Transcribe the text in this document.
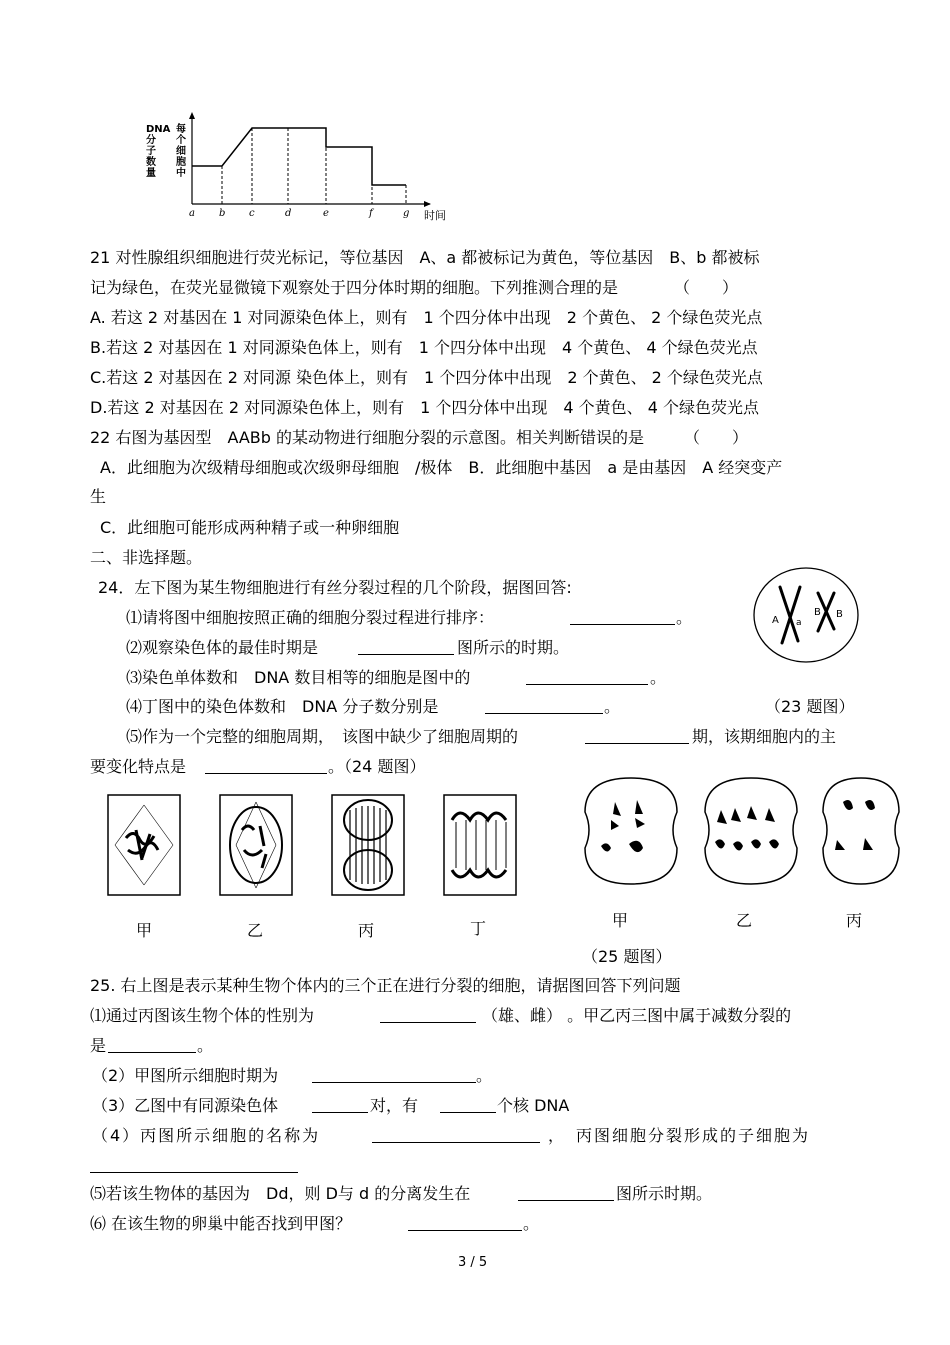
a b c	d	e	f	g
DNA
分
子
数
量
每
个
细
胞
中
时间
21 对性腺组织细胞进行荧光标记，等位基因　A、a 都被标记为黄色，等位基因　B、b 都被标
记为绿色，在荧光显微镜下观察处于四分体时期的细胞。下列推测合理的是　　　　（　　）
A. 若这 2 对基因在 1 对同源染色体上，则有　1 个四分体中出现　2 个黄色、 2 个绿色荧光点
B.若这 2 对基因在 1 对同源染色体上，则有　1 个四分体中出现　4 个黄色、 4 个绿色荧光点
C.若这 2 对基因在 2 对同源 染色体上，则有　1 个四分体中出现　2 个黄色、 2 个绿色荧光点
D.若这 2 对基因在 2 对同源染色体上，则有　1 个四分体中出现　4 个黄色、 4 个绿色荧光点
22 右图为基因型　AABb 的某动物进行细胞分裂的示意图。相关判断错误的是　　　（　　）
A．此细胞为次级精母细胞或次级卵母细胞　/极体　B．此细胞中基因　a 是由基因　A 经突变产
生
C．此细胞可能形成两种精子或一种卵细胞
二、非选择题。
A a
B B
24．左下图为某生物细胞进行有丝分裂过程的几个阶段，据图回答:
⑴请将图中细胞按照正确的细胞分裂过程进行排序：	。
⑵观察染色体的最佳时期是	图所示的时期。
⑶染色单体数和　DNA 数目相等的细胞是图中的	。
⑷丁图中的染色体数和　DNA 分子数分别是	。	（23 题图）
⑸作为一个完整的细胞周期，　该图中缺少了细胞周期的	期，该期细胞内的主
要变化特点是	。（24 题图）
甲	乙	丙	丁	甲	乙	丙
（25 题图）
25. 右上图是表示某种生物个体内的三个正在进行分裂的细胞，请据图回答下列问题
⑴通过丙图该生物个体的性别为	（雄、雌） 。甲乙丙三图中属于减数分裂的
是	。
（2）甲图所示细胞时期为	。
（3）乙图中有同源染色体	对，有	个核 DNA
（4）丙图所示细胞的名称为	，　丙图细胞分裂形成的子细胞为
⑸若该生物体的基因为　Dd，则 D与 d 的分离发生在	图所示时期。
⑹ 在该生物的卵巢中能否找到甲图？	。
3 / 5
